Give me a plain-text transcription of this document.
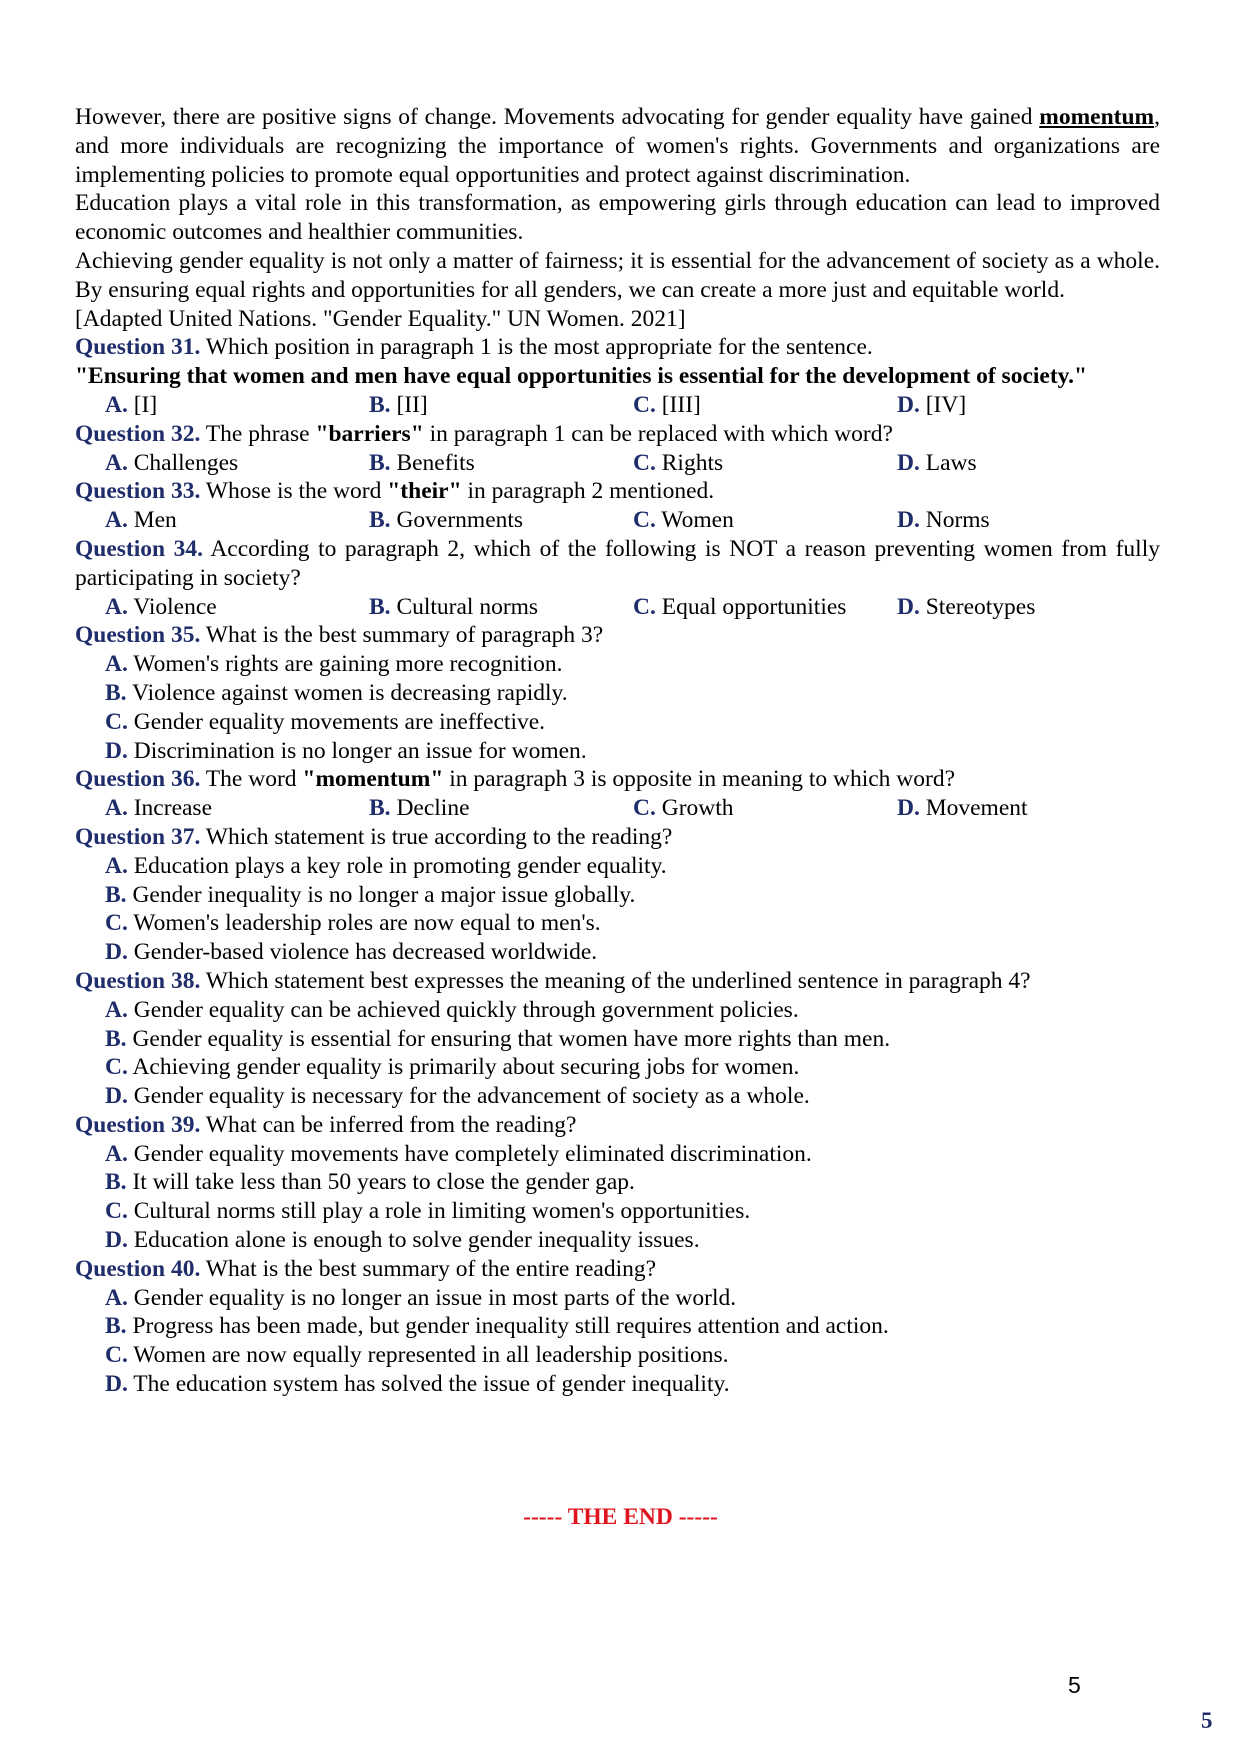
However, there are positive signs of change. Movements advocating for gender equality have gained momentum, and more individuals are recognizing the importance of women's rights. Governments and organizations are implementing policies to promote equal opportunities and protect against discrimination.

Education plays a vital role in this transformation, as empowering girls through education can lead to improved economic outcomes and healthier communities.

Achieving gender equality is not only a matter of fairness; it is essential for the advancement of society as a whole. By ensuring equal rights and opportunities for all genders, we can create a more just and equitable world.

[Adapted United Nations. "Gender Equality." UN Women. 2021]

Question 31. Which position in paragraph 1 is the most appropriate for the sentence.

"Ensuring that women and men have equal opportunities is essential for the development of society."

A. [I]	B. [II]	C. [III]	D. [IV]

Question 32. The phrase "barriers" in paragraph 1 can be replaced with which word?

A. Challenges	B. Benefits	C. Rights	D. Laws

Question 33. Whose is the word "their" in paragraph 2 mentioned.

A. Men	B. Governments	C. Women	D. Norms

Question 34. According to paragraph 2, which of the following is NOT a reason preventing women from fully participating in society?

A. Violence	B. Cultural norms	C. Equal opportunities	D. Stereotypes

Question 35. What is the best summary of paragraph 3?

A. Women's rights are gaining more recognition.
B. Violence against women is decreasing rapidly.
C. Gender equality movements are ineffective.
D. Discrimination is no longer an issue for women.

Question 36. The word "momentum" in paragraph 3 is opposite in meaning to which word?

A. Increase	B. Decline	C. Growth	D. Movement

Question 37. Which statement is true according to the reading?

A. Education plays a key role in promoting gender equality.
B. Gender inequality is no longer a major issue globally.
C. Women's leadership roles are now equal to men's.
D. Gender-based violence has decreased worldwide.

Question 38. Which statement best expresses the meaning of the underlined sentence in paragraph 4?

A. Gender equality can be achieved quickly through government policies.
B. Gender equality is essential for ensuring that women have more rights than men.
C. Achieving gender equality is primarily about securing jobs for women.
D. Gender equality is necessary for the advancement of society as a whole.

Question 39. What can be inferred from the reading?

A. Gender equality movements have completely eliminated discrimination.
B. It will take less than 50 years to close the gender gap.
C. Cultural norms still play a role in limiting women's opportunities.
D. Education alone is enough to solve gender inequality issues.

Question 40. What is the best summary of the entire reading?

A. Gender equality is no longer an issue in most parts of the world.
B. Progress has been made, but gender inequality still requires attention and action.
C. Women are now equally represented in all leadership positions.
D. The education system has solved the issue of gender inequality.
----- THE END -----
5
5
